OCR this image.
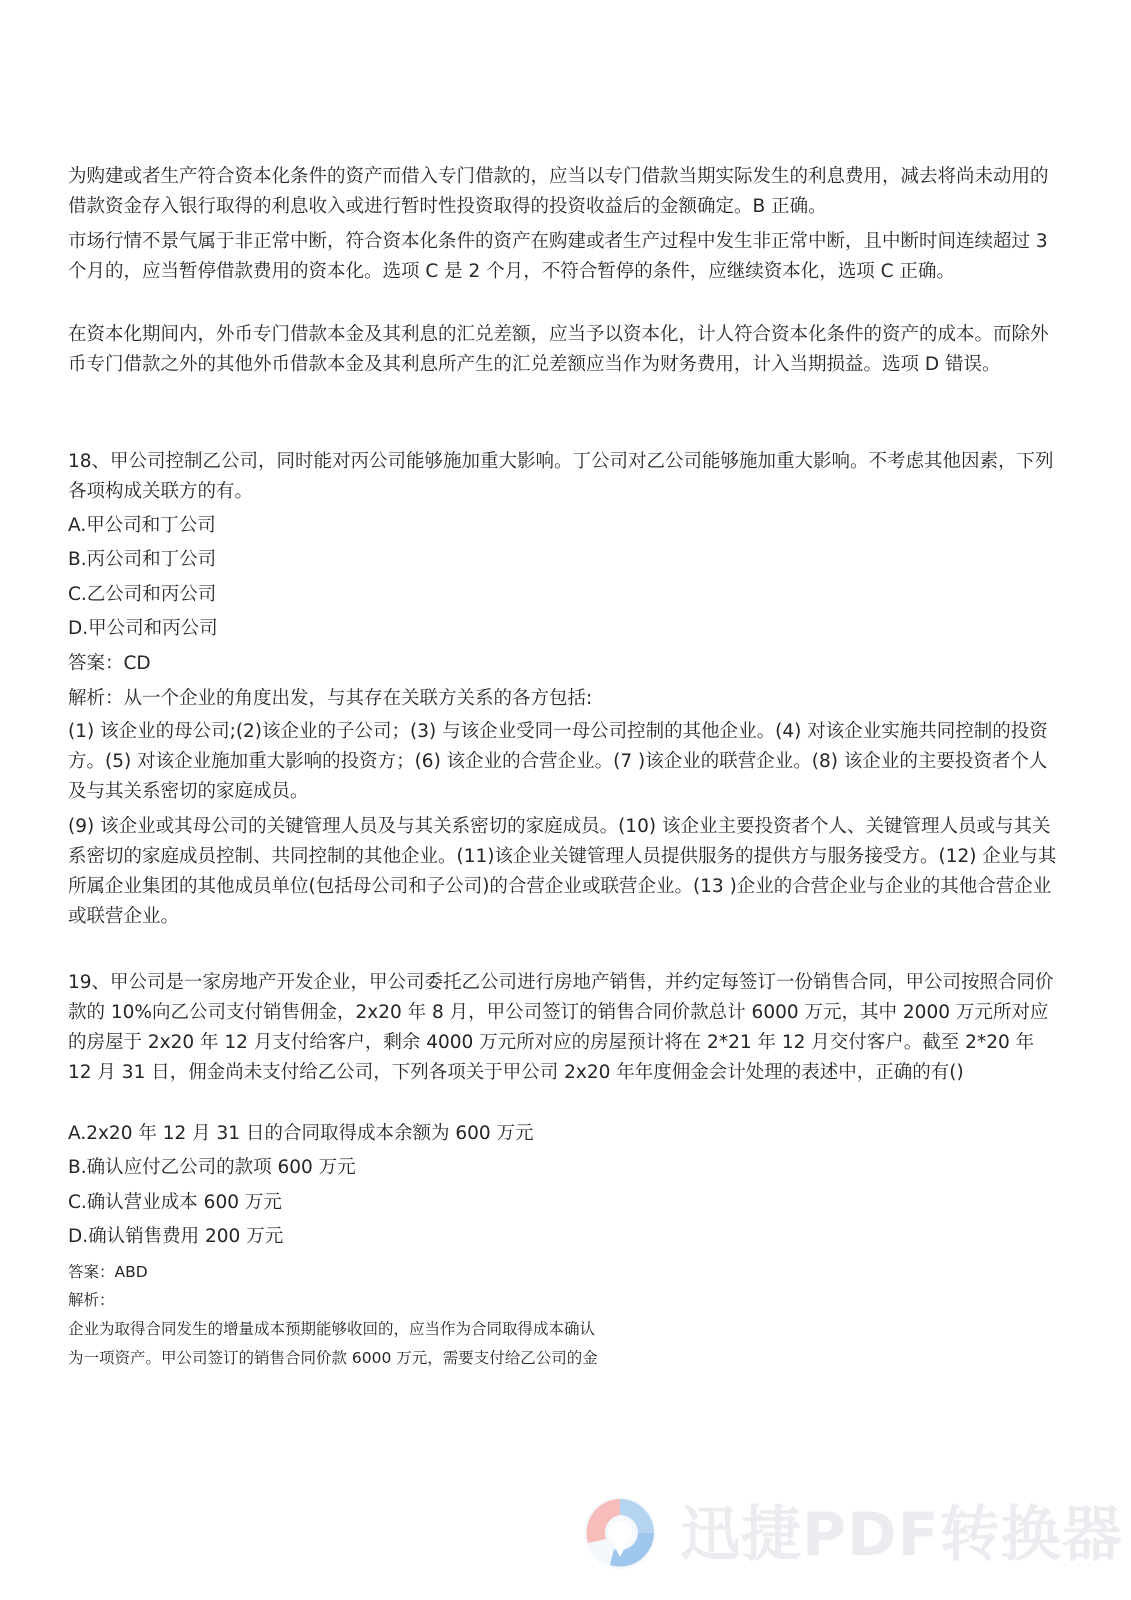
为购建或者生产符合资本化条件的资产而借入专门借款的，应当以专门借款当期实际发生的利息费用，减去将尚未动用的借款资金存入银行取得的利息收入或进行暂时性投资取得的投资收益后的金额确定。B 正确。

市场行情不景气属于非正常中断，符合资本化条件的资产在购建或者生产过程中发生非正常中断，且中断时间连续超过 3 个月的，应当暂停借款费用的资本化。选项 C 是 2 个月，不符合暂停的条件，应继续资本化，选项 C 正确。

在资本化期间内，外币专门借款本金及其利息的汇兑差额，应当予以资本化，计人符合资本化条件的资产的成本。而除外币专门借款之外的其他外币借款本金及其利息所产生的汇兑差额应当作为财务费用，计入当期损益。选项 D 错误。

18、甲公司控制乙公司，同时能对丙公司能够施加重大影响。丁公司对乙公司能够施加重大影响。不考虑其他因素，下列各项构成关联方的有。

A.甲公司和丁公司

B.丙公司和丁公司

C.乙公司和丙公司

D.甲公司和丙公司

答案：CD

解析：从一个企业的角度出发，与其存在关联方关系的各方包括:

(1) 该企业的母公司;(2)该企业的子公司；(3) 与该企业受同一母公司控制的其他企业。(4) 对该企业实施共同控制的投资方。(5) 对该企业施加重大影响的投资方；(6) 该企业的合营企业。(7 )该企业的联营企业。(8) 该企业的主要投资者个人及与其关系密切的家庭成员。

(9) 该企业或其母公司的关键管理人员及与其关系密切的家庭成员。(10) 该企业主要投资者个人、关键管理人员或与其关系密切的家庭成员控制、共同控制的其他企业。(11)该企业关键管理人员提供服务的提供方与服务接受方。(12) 企业与其所属企业集团的其他成员单位(包括母公司和子公司)的合营企业或联营企业。(13 )企业的合营企业与企业的其他合营企业或联营企业。

19、甲公司是一家房地产开发企业，甲公司委托乙公司进行房地产销售，并约定每签订一份销售合同，甲公司按照合同价款的 10%向乙公司支付销售佣金，2x20 年 8 月，甲公司签订的销售合同价款总计 6000 万元，其中 2000 万元所对应的房屋于 2x20 年 12 月支付给客户，剩余 4000 万元所对应的房屋预计将在 2*21 年 12 月交付客户。截至 2*20 年 12 月 31 日，佣金尚未支付给乙公司，下列各项关于甲公司 2x20 年年度佣金会计处理的表述中，正确的有()

A.2x20 年 12 月 31 日的合同取得成本余额为 600 万元

B.确认应付乙公司的款项 600 万元

C.确认营业成本 600 万元

D.确认销售费用 200 万元

答案：ABD

解析：

企业为取得合同发生的增量成本预期能够收回的，应当作为合同取得成本确认

为一项资产。甲公司签订的销售合同价款 6000 万元，需要支付给乙公司的金

迅捷PDF转换器
